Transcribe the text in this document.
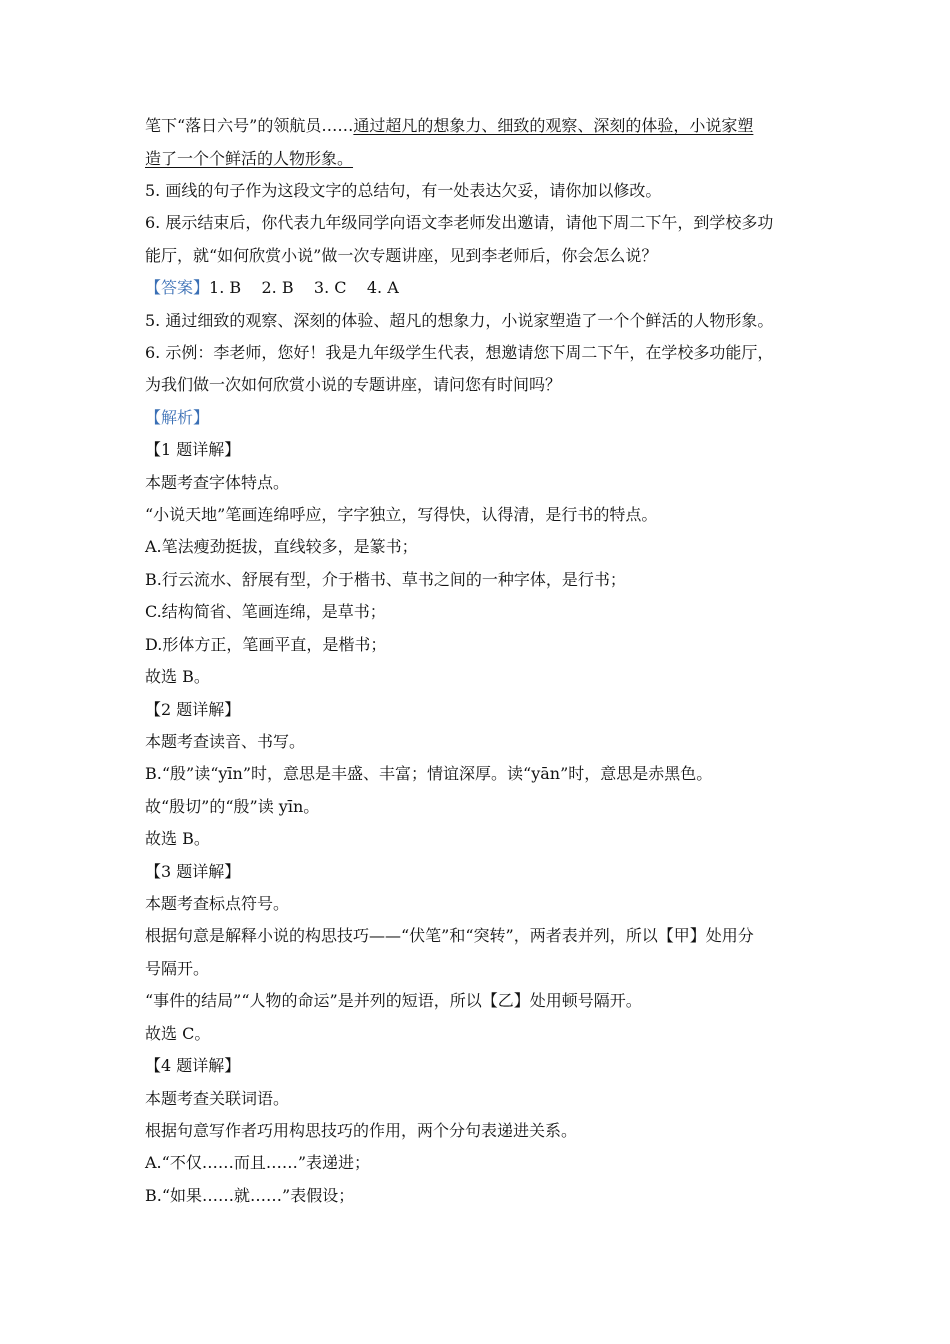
笔下“落日六号”的领航员……通过超凡的想象力、细致的观察、深刻的体验，小说家塑
造了一个个鲜活的人物形象。
5. 画线的句子作为这段文字的总结句，有一处表达欠妥，请你加以修改。
6. 展示结束后，你代表九年级同学向语文李老师发出邀请，请他下周二下午，到学校多功
能厅，就“如何欣赏小说”做一次专题讲座，见到李老师后，你会怎么说？
【答案】1. B    2. B    3. C    4. A
5. 通过细致的观察、深刻的体验、超凡的想象力，小说家塑造了一个个鲜活的人物形象。
6. 示例：李老师，您好！我是九年级学生代表，想邀请您下周二下午，在学校多功能厅，
为我们做一次如何欣赏小说的专题讲座，请问您有时间吗？
【解析】
【1 题详解】
本题考查字体特点。
“小说天地”笔画连绵呼应，字字独立，写得快，认得清，是行书的特点。
A.笔法瘦劲挺拔，直线较多，是篆书；
B.行云流水、舒展有型，介于楷书、草书之间的一种字体，是行书；
C.结构简省、笔画连绵，是草书；
D.形体方正，笔画平直，是楷书；
故选 B。
【2 题详解】
本题考查读音、书写。
B.“殷”读“yīn”时，意思是丰盛、丰富；情谊深厚。读“yān”时，意思是赤黑色。
故“殷切”的“殷”读 yīn。
故选 B。
【3 题详解】
本题考查标点符号。
根据句意是解释小说的构思技巧——“伏笔”和“突转”，两者表并列，所以【甲】处用分
号隔开。
“事件的结局”“人物的命运”是并列的短语，所以【乙】处用顿号隔开。
故选 C。
【4 题详解】
本题考查关联词语。
根据句意写作者巧用构思技巧的作用，两个分句表递进关系。
A.“不仅……而且……”表递进；
B.“如果……就……”表假设；
